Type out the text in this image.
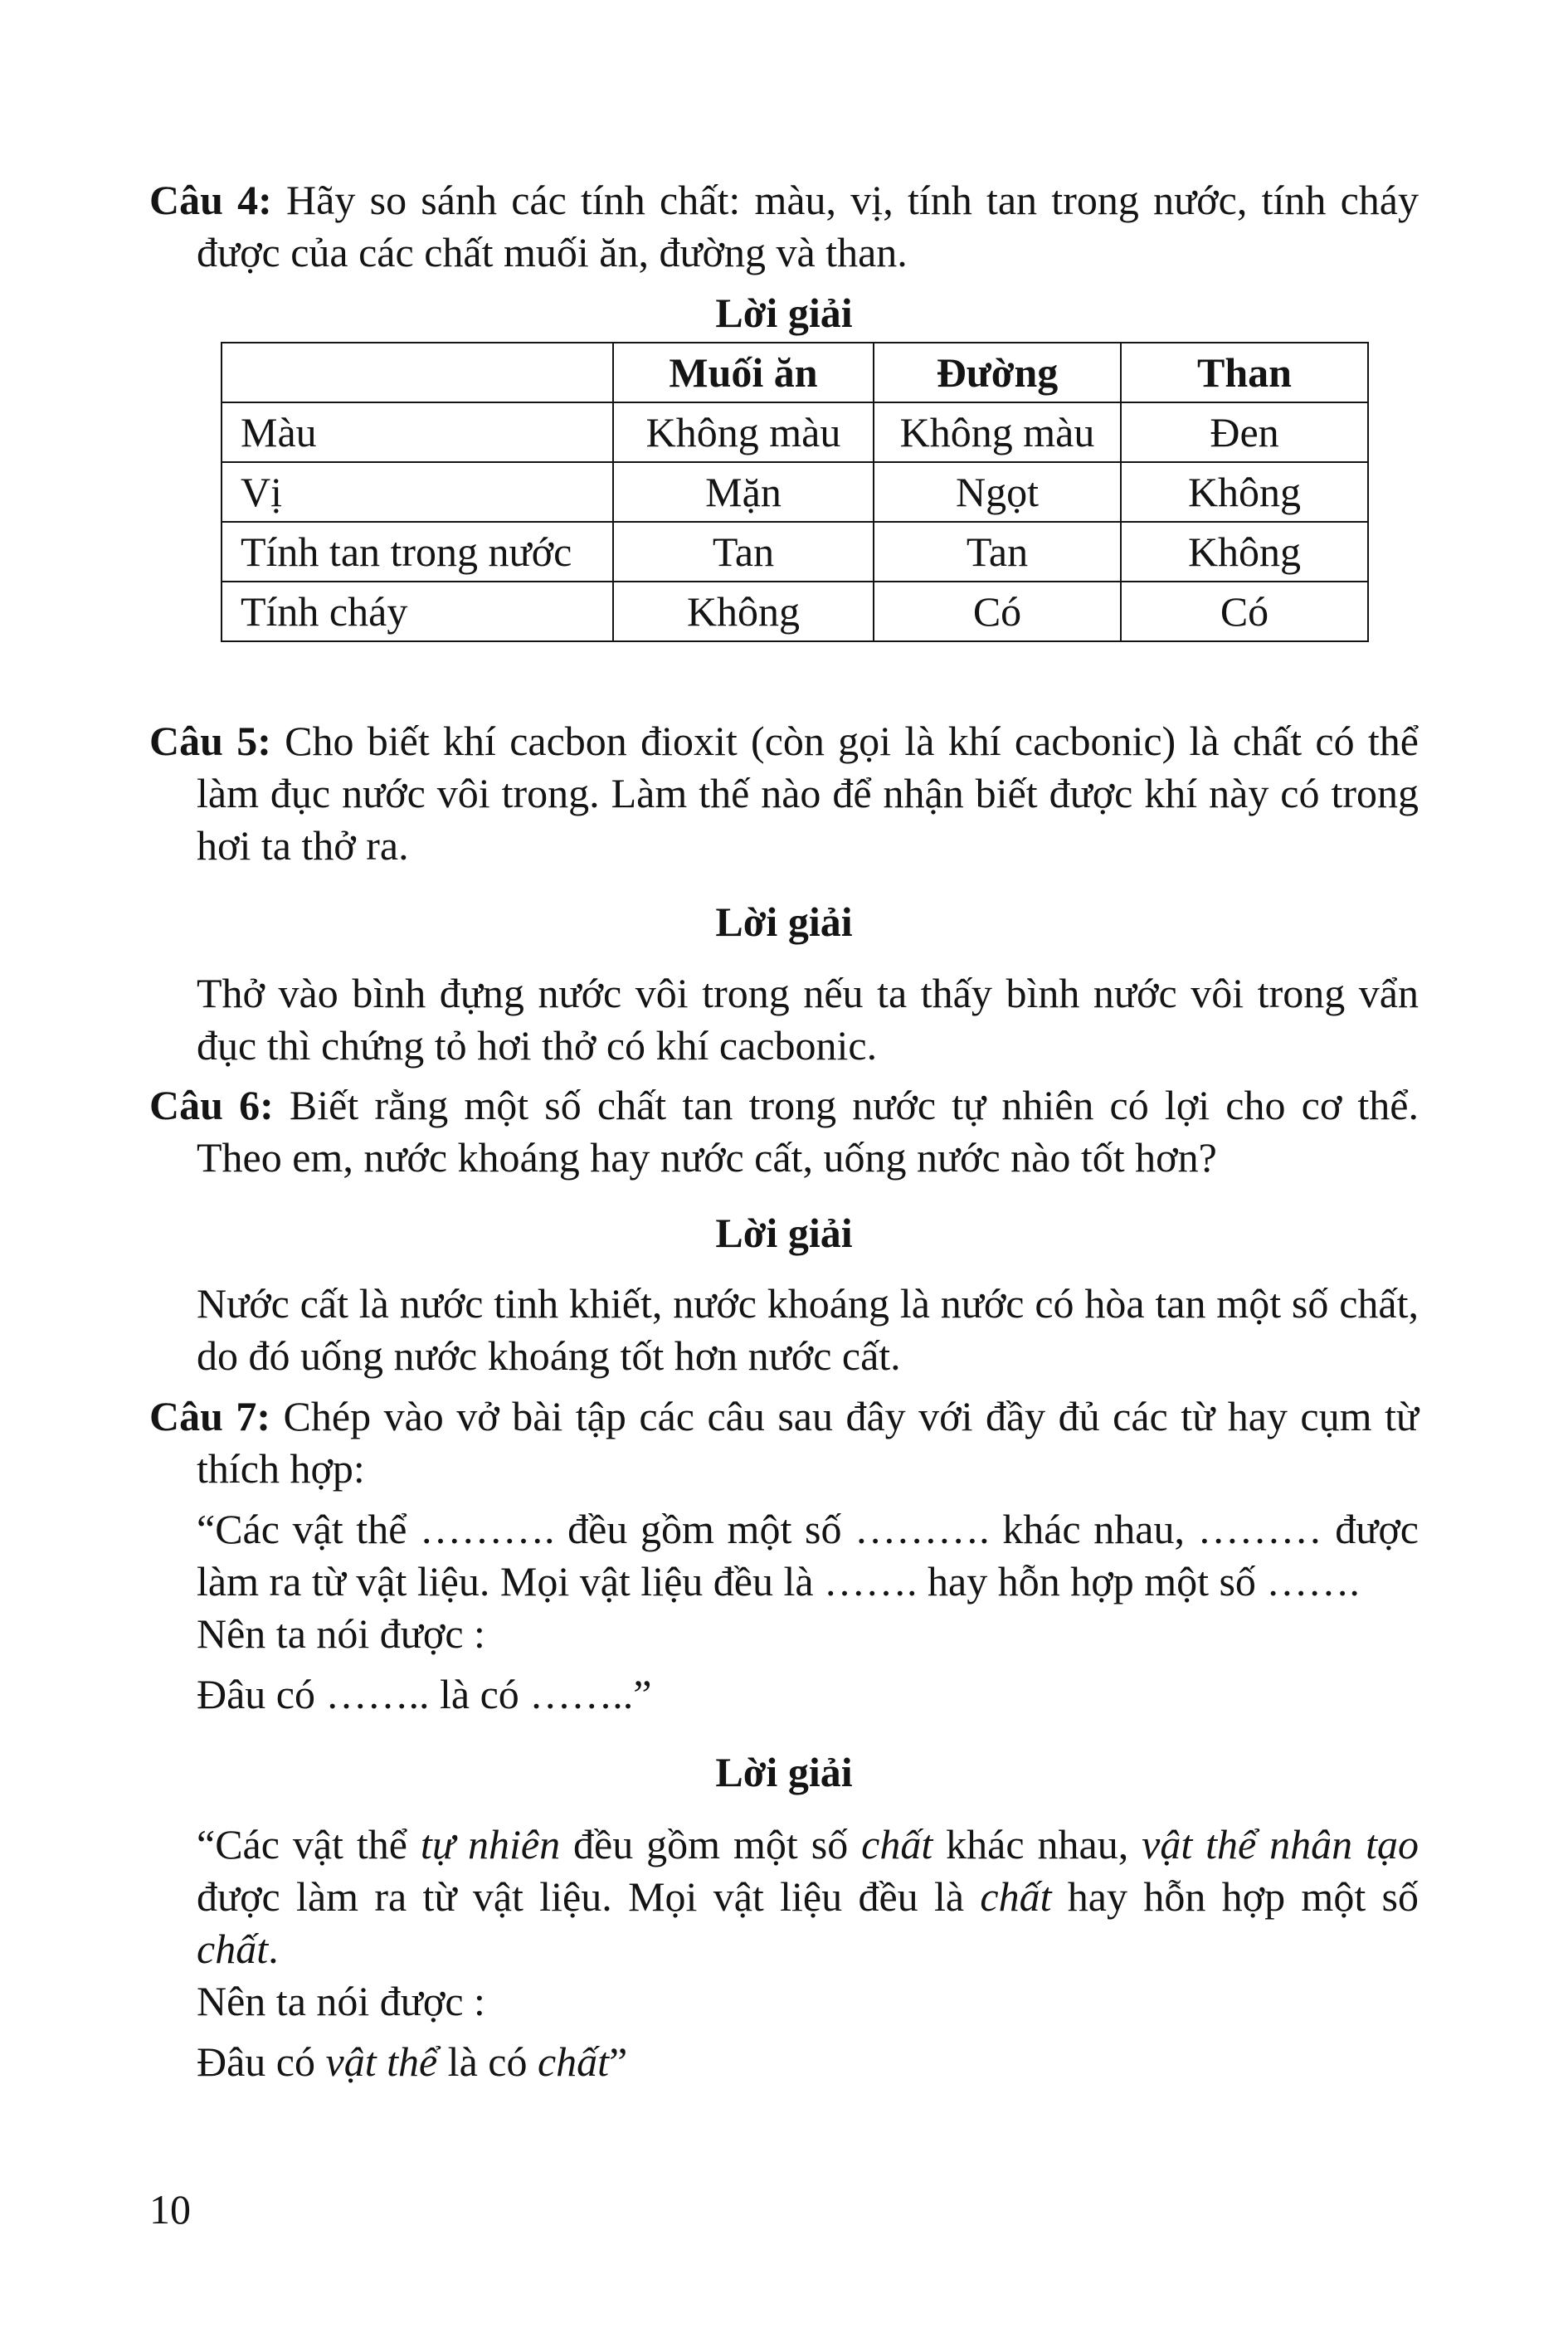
Câu 4: Hãy so sánh các tính chất: màu, vị, tính tan trong nước, tính cháy được của các chất muối ăn, đường và than.

Lời giải

	Muối ăn	Đường	Than
Màu	Không màu	Không màu	Đen
Vị	Mặn	Ngọt	Không
Tính tan trong nước	Tan	Tan	Không
Tính cháy	Không	Có	Có

Câu 5: Cho biết khí cacbon đioxit (còn gọi là khí cacbonic) là chất có thể làm đục nước vôi trong. Làm thế nào để nhận biết được khí này có trong hơi ta thở ra.

Lời giải

Thở vào bình đựng nước vôi trong nếu ta thấy bình nước vôi trong vẩn đục thì chứng tỏ hơi thở có khí cacbonic.

Câu 6: Biết rằng một số chất tan trong nước tự nhiên có lợi cho cơ thể. Theo em, nước khoáng hay nước cất, uống nước nào tốt hơn?

Lời giải

Nước cất là nước tinh khiết, nước khoáng là nước có hòa tan một số chất, do đó uống nước khoáng tốt hơn nước cất.

Câu 7: Chép vào vở bài tập các câu sau đây với đầy đủ các từ hay cụm từ thích hợp:

“Các vật thể ………. đều gồm một số ………. khác nhau, ……… được làm ra từ vật liệu. Mọi vật liệu đều là ……. hay hỗn hợp một số …….

Nên ta nói được :

Đâu có …….. là có ……..”

Lời giải

“Các vật thể tự nhiên đều gồm một số chất khác nhau, vật thể nhân tạo được làm ra từ vật liệu. Mọi vật liệu đều là chất hay hỗn hợp một số chất.

Nên ta nói được :

Đâu có vật thể là có chất”

10
